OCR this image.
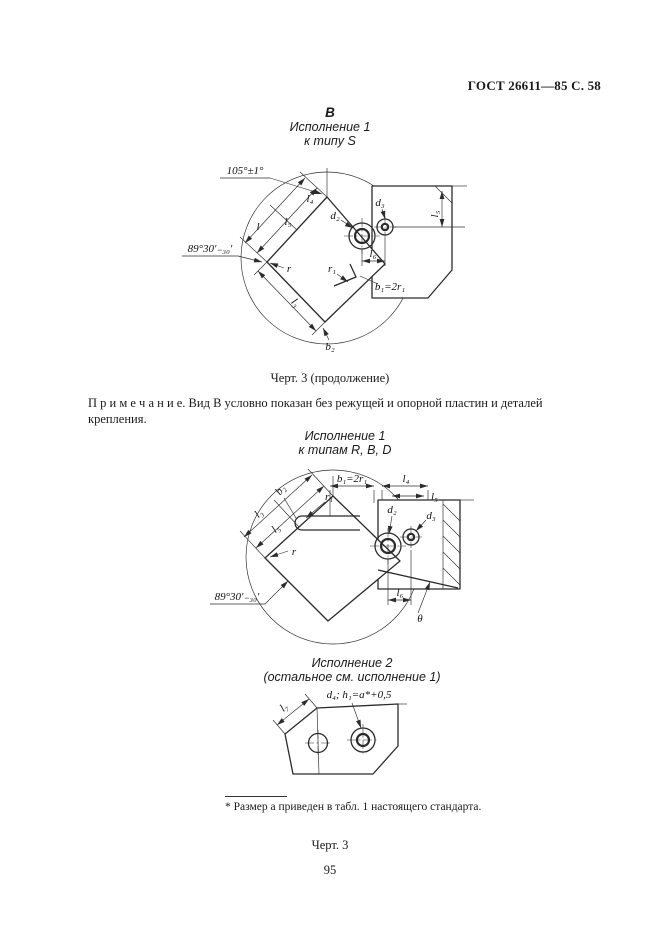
ГОСТ 26611—85 С. 58
В
Исполнение 1
к типу S
l l₅
l₄
l₅
l₆
b₁=2r₁
r	r₁
l₃
b₂
105°±1°
89°30′₋₃₀′
d₂
d₃
Черт. 3 (продолжение)
П р и м е ч а н и е. Вид В условно показан без режущей и опорной пластин и деталей крепления.
Исполнение 1
к типам R, B, D
b₁=2r₁	l₄
l₅
b₂	r₁
l₃
l₅
r
d₂	d₃
l₆
θ
89°30′₋₃₀′
Исполнение 2
(остальное см. исполнение 1)
d₄; h₁=a*+0,5
l₇
* Размер а приведен в табл. 1 настоящего стандарта.
Черт. 3
95
